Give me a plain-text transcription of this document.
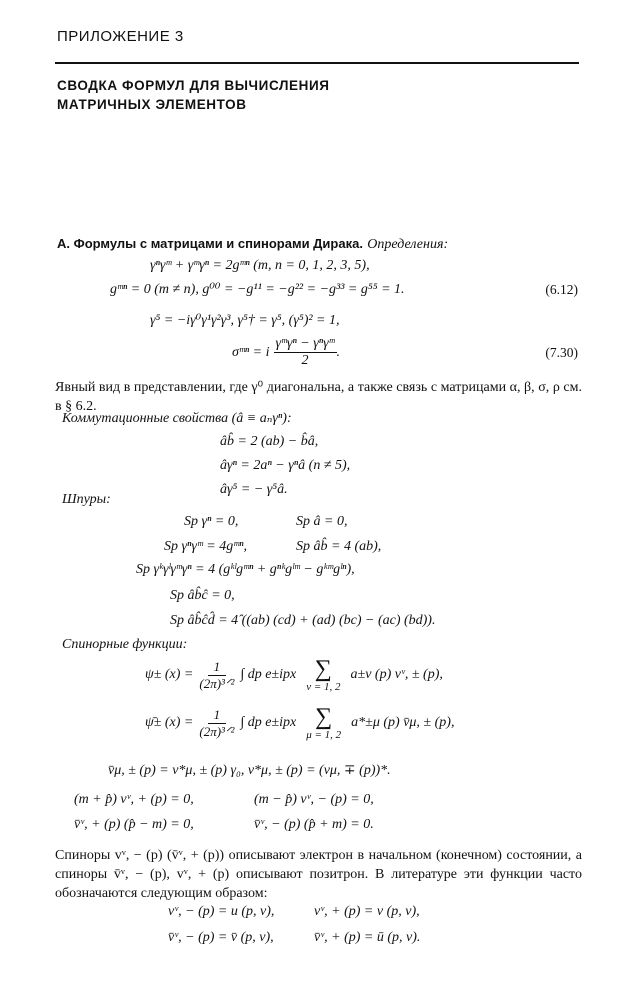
ПРИЛОЖЕНИЕ 3
СВОДКА ФОРМУЛ ДЛЯ ВЫЧИСЛЕНИЯ
МАТРИЧНЫХ ЭЛЕМЕНТОВ
А. Формулы с матрицами и спинорами Дирака. Определения:
γⁿγᵐ + γᵐγⁿ = 2gᵐⁿ (m, n = 0, 1, 2, 3, 5),
gᵐⁿ = 0 (m ≠ n), g⁰⁰ = −g¹¹ = −g²² = −g³³ = g⁵⁵ = 1.	(6.12)
γ⁵ = −iγ⁰γ¹γ²γ³, γ⁵† = γ⁵, (γ⁵)² = 1,
σᵐⁿ = i
γᵐγⁿ − γⁿγᵐ
2
.	(7.30)
Явный вид в представлении, где γ⁰ диагональна, а также связь с матрицами α, β, σ, ρ см. в § 6.2.
Коммутационные свойства (â ≡ aₙγⁿ):
âb̂ = 2 (ab) − b̂â,
âγⁿ = 2aⁿ − γⁿâ (n ≠ 5),
âγ⁵ = − γ⁵â.
Шпуры:
Sp γⁿ = 0,	Sp â = 0,
Sp γⁿγᵐ = 4gᵐⁿ,	Sp âb̂ = 4 (ab),
Sp γᵏγˡγᵐγⁿ = 4 (gᵏˡgᵐⁿ + gⁿᵏgˡᵐ − gᵏᵐgˡⁿ),
Sp âb̂ĉ = 0,
Sp âb̂ĉd̂ = 4̂ ((ab) (cd) + (ad) (bc) − (ac) (bd)).
Спинорные функции:
ψ± (x) =
1
(2π)³ᐟ²
∫ dp e±ipx ∑
ν = 1, 2
a±ν (p) vᵛ, ± (p),
ψ̄± (x) =
1
(2π)³ᐟ²
∫ dp e±ipx ∑
μ = 1, 2
a*±μ (p) v̄μ, ± (p),
v̄μ, ± (p) = v*μ, ± (p) γ₀, v*μ, ± (p) = (vμ, ∓ (p))*.
(m + p̂) vᵛ, + (p) = 0,	(m − p̂) vᵛ, − (p) = 0,
v̄ᵛ, + (p) (p̂ − m) = 0,	v̄ᵛ, − (p) (p̂ + m) = 0.
Спиноры vᵛ, − (p) (v̄ᵛ, + (p)) описывают электрон в начальном (конечном) состоянии, а спиноры v̄ᵛ, − (p), vᵛ, + (p) описывают позитрон. В литературе эти функции часто обозначаются следующим образом:
vᵛ, − (p) = u (p, ν),	vᵛ, + (p) = v (p, ν),
v̄ᵛ, − (p) = v̄ (p, ν),	v̄ᵛ, + (p) = ū (p, ν).
